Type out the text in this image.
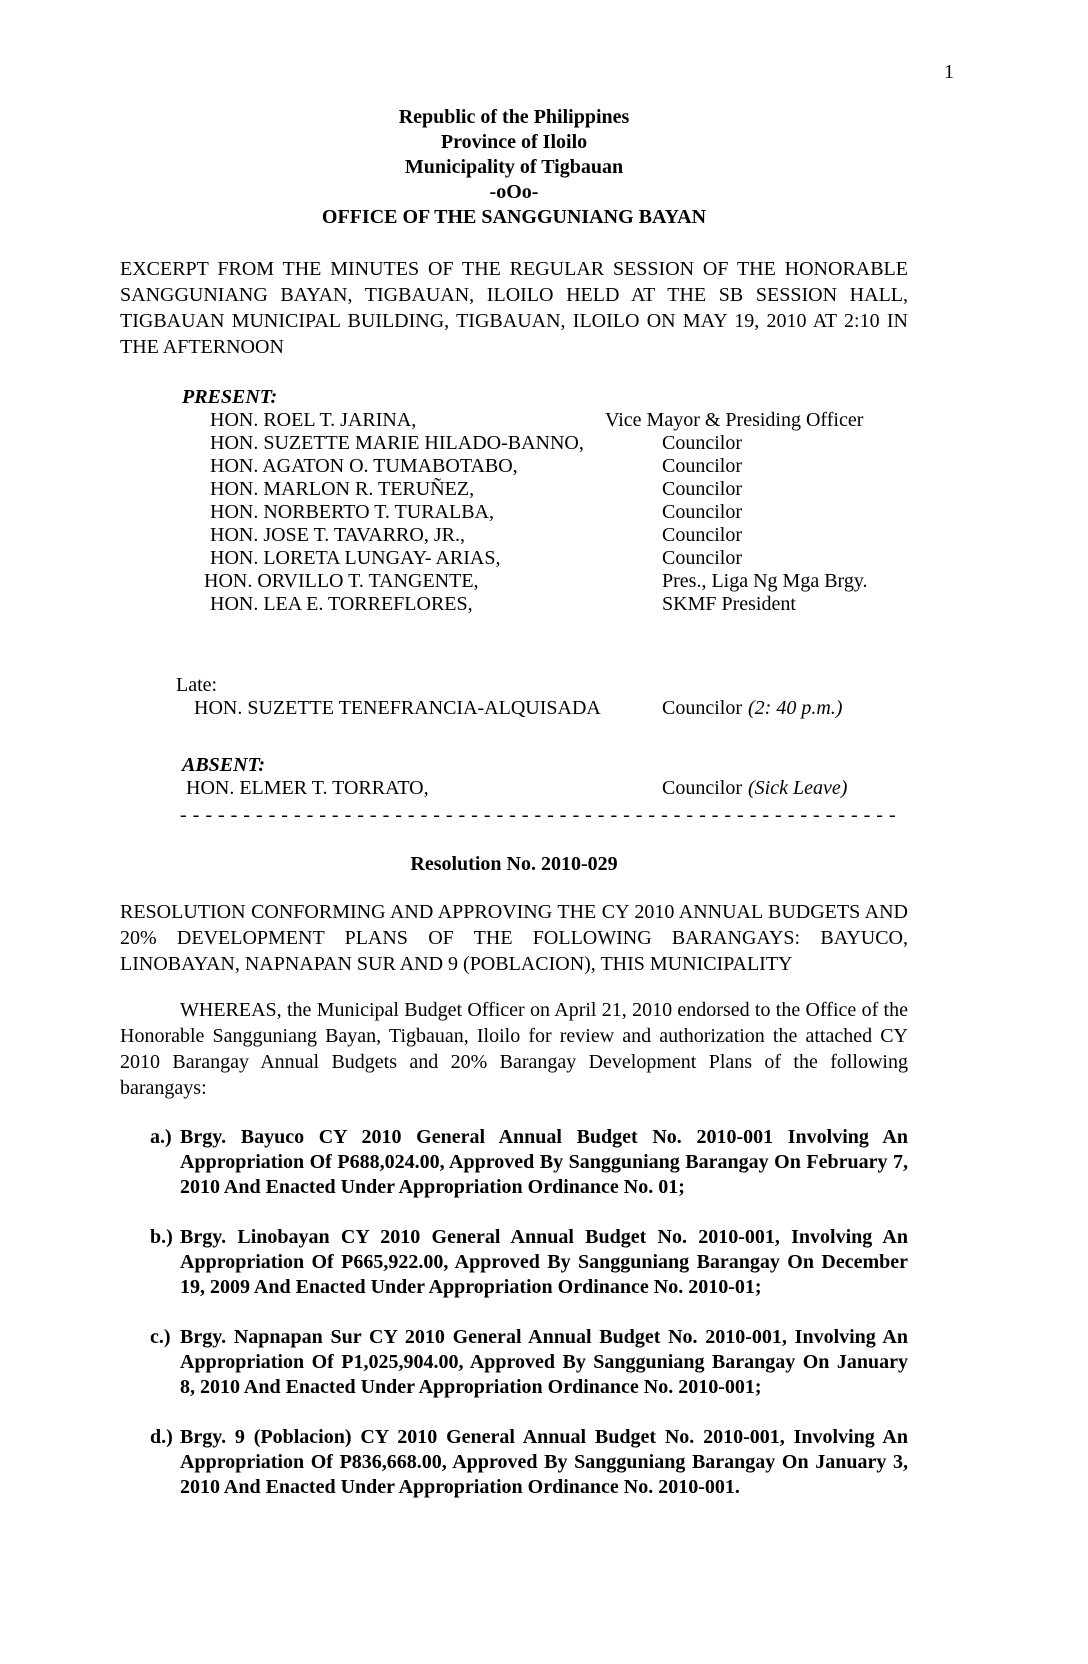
1
Republic of the Philippines
Province of Iloilo
Municipality of Tigbauan
-oOo-
OFFICE OF THE SANGGUNIANG BAYAN

EXCERPT FROM THE MINUTES OF THE REGULAR SESSION OF THE HONORABLE SANGGUNIANG BAYAN, TIGBAUAN, ILOILO HELD AT THE SB SESSION HALL, TIGBAUAN MUNICIPAL BUILDING, TIGBAUAN, ILOILO ON MAY 19, 2010 AT 2:10 IN THE AFTERNOON

PRESENT:
HON. ROEL T. JARINA,	Vice Mayor & Presiding Officer
HON. SUZETTE MARIE HILADO-BANNO,	Councilor
HON. AGATON O. TUMABOTABO,	Councilor
HON. MARLON R. TERUÑEZ,	Councilor
HON. NORBERTO T. TURALBA,	Councilor
HON. JOSE T. TAVARRO, JR.,	Councilor
HON. LORETA LUNGAY- ARIAS,	Councilor
HON. ORVILLO T. TANGENTE,	Pres., Liga Ng Mga Brgy.
HON. LEA E. TORREFLORES,	SKMF President
Late:
HON. SUZETTE TENEFRANCIA-ALQUISADA	Councilor (2: 40 p.m.)
ABSENT:
HON. ELMER T. TORRATO,	Councilor (Sick Leave)
- - - - - - - - - - - - - - - - - - - - - - - - - - - - - - - - - - - - - - - - - - - - - - - - - - - - - - - - -
Resolution No. 2010-029

RESOLUTION CONFORMING AND APPROVING THE CY 2010 ANNUAL BUDGETS AND 20% DEVELOPMENT PLANS OF THE FOLLOWING BARANGAYS: BAYUCO, LINOBAYAN, NAPNAPAN SUR AND 9 (POBLACION), THIS MUNICIPALITY

WHEREAS, the Municipal Budget Officer on April 21, 2010 endorsed to the Office of the Honorable Sangguniang Bayan, Tigbauan, Iloilo for review and authorization the attached CY 2010 Barangay Annual Budgets and 20% Barangay Development Plans of the following barangays:

a.) Brgy. Bayuco CY 2010 General Annual Budget No. 2010-001 Involving An Appropriation Of P688,024.00, Approved By Sangguniang Barangay On February 7, 2010 And Enacted Under Appropriation Ordinance No. 01;
b.) Brgy. Linobayan CY 2010 General Annual Budget No. 2010-001, Involving An Appropriation Of P665,922.00, Approved By Sangguniang Barangay On December 19, 2009 And Enacted Under Appropriation Ordinance No. 2010-01;
c.) Brgy. Napnapan Sur CY 2010 General Annual Budget No. 2010-001, Involving An Appropriation Of P1,025,904.00, Approved By Sangguniang Barangay On January 8, 2010 And Enacted Under Appropriation Ordinance No. 2010-001;
d.) Brgy. 9 (Poblacion) CY 2010 General Annual Budget No. 2010-001, Involving An Appropriation Of P836,668.00, Approved By Sangguniang Barangay On January 3, 2010 And Enacted Under Appropriation Ordinance No. 2010-001.
